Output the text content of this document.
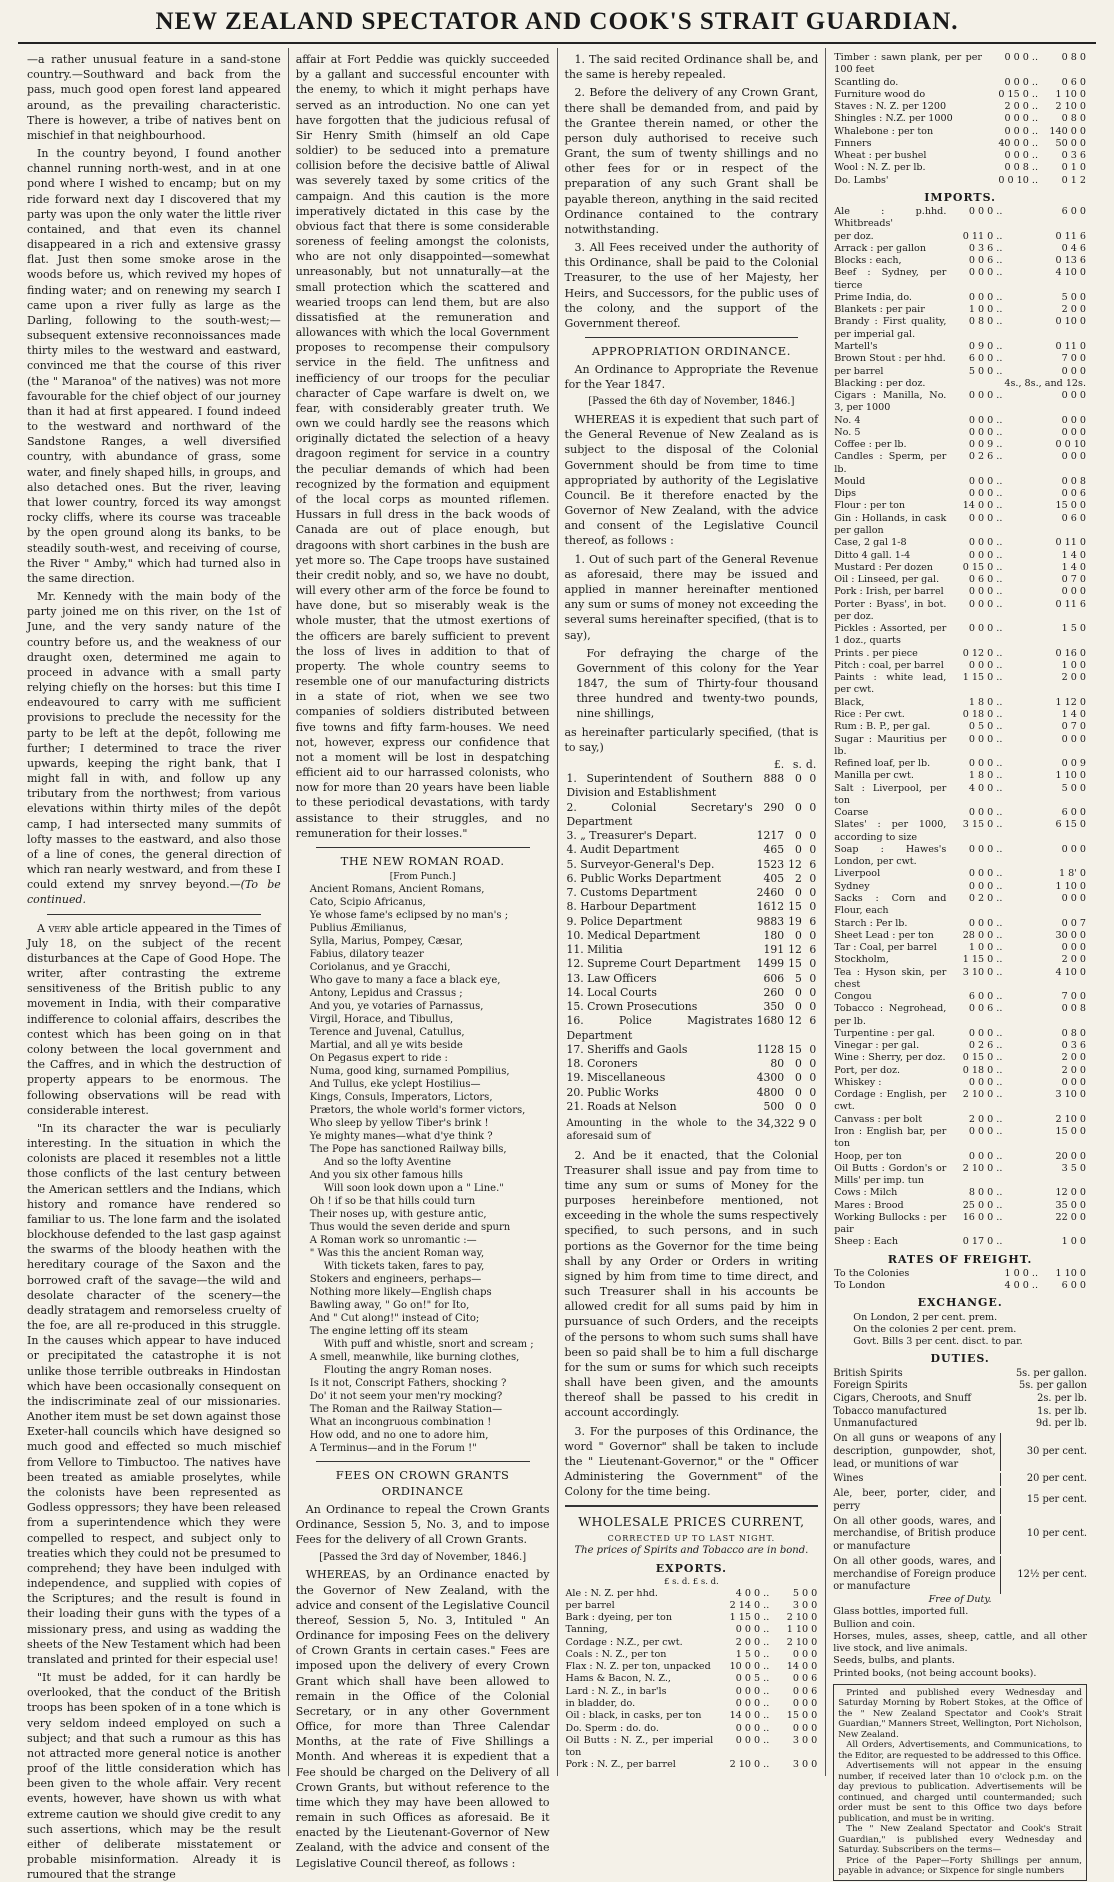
NEW ZEALAND SPECTATOR AND COOK'S STRAIT GUARDIAN.

—a rather unusual feature in a sand-stone country.—Southward and back from the pass, much good open forest land appeared around, as the prevailing characteristic. There is however, a tribe of natives bent on mischief in that neighbourhood.

In the country beyond, I found another channel running north-west, and in at one pond where I wished to encamp; but on my ride forward next day I discovered that my party was upon the only water the little river contained, and that even its channel disappeared in a rich and extensive grassy flat. Just then some smoke arose in the woods before us, which revived my hopes of finding water; and on renewing my search I came upon a river fully as large as the Darling, following to the south-west;—subsequent extensive reconnoissances made thirty miles to the westward and eastward, convinced me that the course of this river (the " Maranoa" of the natives) was not more favourable for the chief object of our journey than it had at first appeared. I found indeed to the westward and northward of the Sandstone Ranges, a well diversified country, with abundance of grass, some water, and finely shaped hills, in groups, and also detached ones. But the river, leaving that lower country, forced its way amongst rocky cliffs, where its course was traceable by the open ground along its banks, to be steadily south-west, and receiving of course, the River " Amby," which had turned also in the same direction.

Mr. Kennedy with the main body of the party joined me on this river, on the 1st of June, and the very sandy nature of the country before us, and the weakness of our draught oxen, determined me again to proceed in advance with a small party relying chiefly on the horses: but this time I endeavoured to carry with me sufficient provisions to preclude the necessity for the party to be left at the depôt, following me further; I determined to trace the river upwards, keeping the right bank, that I might fall in with, and follow up any tributary from the northwest; from various elevations within thirty miles of the depôt camp, I had intersected many summits of lofty masses to the eastward, and also those of a line of cones, the general direction of which ran nearly westward, and from these I could extend my snrvey beyond.—(To be continued.

A very able article appeared in the Times of July 18, on the subject of the recent disturbances at the Cape of Good Hope. The writer, after contrasting the extreme sensitiveness of the British public to any movement in India, with their comparative indifference to colonial affairs, describes the contest which has been going on in that colony between the local government and the Caffres, and in which the destruction of property appears to be enormous. The following observations will be read with considerable interest.

"In its character the war is peculiarly interesting. In the situation in which the colonists are placed it resembles not a little those conflicts of the last century between the American settlers and the Indians, which history and romance have rendered so familiar to us. The lone farm and the isolated blockhouse defended to the last gasp against the swarms of the bloody heathen with the hereditary courage of the Saxon and the borrowed craft of the savage—the wild and desolate character of the scenery—the deadly stratagem and remorseless cruelty of the foe, are all re-produced in this struggle. In the causes which appear to have induced or precipitated the catastrophe it is not unlike those terrible outbreaks in Hindostan which have been occasionally consequent on the indiscriminate zeal of our missionaries. Another item must be set down against those Exeter-hall councils which have designed so much good and effected so much mischief from Vellore to Timbuctoo. The natives have been treated as amiable proselytes, while the colonists have been represented as Godless oppressors; they have been released from a superintendence which they were compelled to respect, and subject only to treaties which they could not be presumed to comprehend; they have been indulged with independence, and supplied with copies of the Scriptures; and the result is found in their loading their guns with the types of a missionary press, and using as wadding the sheets of the New Testament which had been translated and printed for their especial use!

"It must be added, for it can hardly be overlooked, that the conduct of the British troops has been spoken of in a tone which is very seldom indeed employed on such a subject; and that such a rumour as this has not attracted more general notice is another proof of the little consideration which has been given to the whole affair. Very recent events, however, have shown us with what extreme caution we should give credit to any such assertions, which may be the result either of deliberate misstatement or probable misinformation. Already it is rumoured that the strange

affair at Fort Peddie was quickly succeeded by a gallant and successful encounter with the enemy, to which it might perhaps have served as an introduction. No one can yet have forgotten that the judicious refusal of Sir Henry Smith (himself an old Cape soldier) to be seduced into a premature collision before the decisive battle of Aliwal was severely taxed by some critics of the campaign. And this caution is the more imperatively dictated in this case by the obvious fact that there is some considerable soreness of feeling amongst the colonists, who are not only disappointed—somewhat unreasonably, but not unnaturally—at the small protection which the scattered and wearied troops can lend them, but are also dissatisfied at the remuneration and allowances with which the local Government proposes to recompense their compulsory service in the field. The unfitness and inefficiency of our troops for the peculiar character of Cape warfare is dwelt on, we fear, with considerably greater truth. We own we could hardly see the reasons which originally dictated the selection of a heavy dragoon regiment for service in a country the peculiar demands of which had been recognized by the formation and equipment of the local corps as mounted riflemen. Hussars in full dress in the back woods of Canada are out of place enough, but dragoons with short carbines in the bush are yet more so. The Cape troops have sustained their credit nobly, and so, we have no doubt, will every other arm of the force be found to have done, but so miserably weak is the whole muster, that the utmost exertions of the officers are barely sufficient to prevent the loss of lives in addition to that of property. The whole country seems to resemble one of our manufacturing districts in a state of riot, when we see two companies of soldiers distributed between five towns and fifty farm-houses. We need not, however, express our confidence that not a moment will be lost in despatching efficient aid to our harrassed colonists, who now for more than 20 years have been liable to these periodical devastations, with tardy assistance to their struggles, and no remuneration for their losses."

THE NEW ROMAN ROAD.
[From Punch.]
Ancient Romans, Ancient Romans,
Cato, Scipio Africanus,
Ye whose fame's eclipsed by no man's ;
Publius Æmilianus,
Sylla, Marius, Pompey, Cæsar,
Fabius, dilatory teazer
Coriolanus, and ye Gracchi,
Who gave to many a face a black eye,
Antony, Lepidus and Crassus ;
And you, ye votaries of Parnassus,
Virgil, Horace, and Tibullus,
Terence and Juvenal, Catullus,
Martial, and all ye wits beside
On Pegasus expert to ride :
Numa, good king, surnamed Pompilius,
And Tullus, eke yclept Hostilius—
Kings, Consuls, Imperators, Lictors,
Prætors, the whole world's former victors,
Who sleep by yellow Tiber's brink !
Ye mighty manes—what d'ye think ?
The Pope has sanctioned Railway bills,
And so the lofty Aventine
And you six other famous hills
Will soon look down upon a " Line."
Oh ! if so be that hills could turn
Their noses up, with gesture antic,
Thus would the seven deride and spurn
A Roman work so unromantic :—
" Was this the ancient Roman way,
With tickets taken, fares to pay,
Stokers and engineers, perhaps—
Nothing more likely—English chaps
Bawling away, " Go on!" for Ito,
And " Cut along!" instead of Cito;
The engine letting off its steam
With puff and whistle, snort and scream ;
A smell, meanwhile, like burning clothes,
Flouting the angry Roman noses.
Is it not, Conscript Fathers, shocking ?
Do' it not seem your men'ry mocking?
The Roman and the Railway Station—
What an incongruous combination !
How odd, and no one to adore him,
A Terminus—and in the Forum !"
FEES ON CROWN GRANTS ORDINANCE

An Ordinance to repeal the Crown Grants Ordinance, Session 5, No. 3, and to impose Fees for the delivery of all Crown Grants.

[Passed the 3rd day of November, 1846.]

WHEREAS, by an Ordinance enacted by the Governor of New Zealand, with the advice and consent of the Legislative Council thereof, Session 5, No. 3, Intituled " An Ordinance for imposing Fees on the delivery of Crown Grants in certain cases." Fees are imposed upon the delivery of every Crown Grant which shall have been allowed to remain in the Office of the Colonial Secretary, or in any other Government Office, for more than Three Calendar Months, at the rate of Five Shillings a Month. And whereas it is expedient that a Fee should be charged on the Delivery of all Crown Grants, but without reference to the time which they may have been allowed to remain in such Offices as aforesaid. Be it enacted by the Lieutenant-Governor of New Zealand, with the advice and consent of the Legislative Council thereof, as follows :

1. The said recited Ordinance shall be, and the same is hereby repealed.

2. Before the delivery of any Crown Grant, there shall be demanded from, and paid by the Grantee therein named, or other the person duly authorised to receive such Grant, the sum of twenty shillings and no other fees for or in respect of the preparation of any such Grant shall be payable thereon, anything in the said recited Ordinance contained to the contrary notwithstanding.

3. All Fees received under the authority of this Ordinance, shall be paid to the Colonial Treasurer, to the use of her Majesty, her Heirs, and Successors, for the public uses of the colony, and the support of the Government thereof.

APPROPRIATION ORDINANCE.

An Ordinance to Appropriate the Revenue for the Year 1847.

[Passed the 6th day of November, 1846.]

WHEREAS it is expedient that such part of the General Revenue of New Zealand as is subject to the disposal of the Colonial Government should be from time to time appropriated by authority of the Legislative Council. Be it therefore enacted by the Governor of New Zealand, with the advice and consent of the Legislative Council thereof, as follows :

1. Out of such part of the General Revenue as aforesaid, there may be issued and applied in manner hereinafter mentioned any sum or sums of money not exceeding the several sums hereinafter specified, (that is to say),

For defraying the charge of the Government of this colony for the Year 1847, the sum of Thirty-four thousand three hundred and twenty-two pounds, nine shillings,

as hereinafter particularly specified, (that is to say,)

	£.	s.	d.
1. Superintendent of Southern Division and Establishment	888	0	0
2. Colonial Secretary's Department	290	0	0
3. „ Treasurer's Depart.	1217	0	0
4. Audit Department	465	0	0
5. Surveyor-General's Dep.	1523	12	6
6. Public Works Department	405	2	0
7. Customs Department	2460	0	0
8. Harbour Department	1612	15	0
9. Police Department	9883	19	6
10. Medical Department	180	0	0
11. Militia	191	12	6
12. Supreme Court Department	1499	15	0
13. Law Officers	606	5	0
14. Local Courts	260	0	0
15. Crown Prosecutions	350	0	0
16. Police Magistrates Department	1680	12	6
17. Sheriffs and Gaols	1128	15	0
18. Coroners	80	0	0
19. Miscellaneous	4300	0	0
20. Public Works	4800	0	0
21. Roads at Nelson	500	0	0
Amounting in the whole to the aforesaid sum of	34,322	9	0

2. And be it enacted, that the Colonial Treasurer shall issue and pay from time to time any sum or sums of Money for the purposes hereinbefore mentioned, not exceeding in the whole the sums respectively specified, to such persons, and in such portions as the Governor for the time being shall by any Order or Orders in writing signed by him from time to time direct, and such Treasurer shall in his accounts be allowed credit for all sums paid by him in pursuance of such Orders, and the receipts of the persons to whom such sums shall have been so paid shall be to him a full discharge for the sum or sums for which such receipts shall have been given, and the amounts thereof shall be passed to his credit in account accordingly.

3. For the purposes of this Ordinance, the word " Governor" shall be taken to include the " Lieutenant-Governor," or the " Officer Administering the Government" of the Colony for the time being.

WHOLESALE PRICES CURRENT,
CORRECTED UP TO LAST NIGHT.
The prices of Spirits and Tobacco are in bond.
EXPORTS.
£ s. d. £ s. d.
Ale : N. Z. per hhd.	4 0 0 ..	5 0 0
per barrel	2 14 0 ..	3 0 0
Bark : dyeing, per ton	1 15 0 ..	2 10 0
Tanning,	0 0 0 ..	1 10 0
Cordage : N.Z., per cwt.	2 0 0 ..	2 10 0
Coals : N. Z., per ton	1 5 0 ..	0 0 0
Flax : N. Z. per ton, unpacked	10 0 0 ..	14 0 0
Hams & Bacon, N. Z.,	0 0 5 ..	0 0 6
Lard : N. Z., in bar'ls	0 0 0 ..	0 0 6
in bladder, do.	0 0 0 ..	0 0 0
Oil : black, in casks, per ton	14 0 0 ..	15 0 0
Do. Sperm : do. do.	0 0 0 ..	0 0 0
Oil Butts : N. Z., per imperial ton	0 0 0 ..	3 0 0
Pork : N. Z., per barrel	2 10 0 ..	3 0 0
Timber : sawn plank, per per 100 feet	0 0 0 ..	0 8 0
Scantling do.	0 0 0 ..	0 6 0
Furniture wood do	0 15 0 ..	1 10 0
Staves : N. Z. per 1200	2 0 0 ..	2 10 0
Shingles : N.Z. per 1000	0 0 0 ..	0 8 0
Whalebone : per ton	0 0 0 ..	140 0 0
Fınners	40 0 0 ..	50 0 0
Wheat : per bushel	0 0 0 ..	0 3 6
Wool : N. Z. per lb.	0 0 8 ..	0 1 0
Do. Lambs'	0 0 10 ..	0 1 2
IMPORTS.
Ale : p.hhd. Whitbreads'	0 0 0 ..	6 0 0
per doz.	0 11 0 ..	0 11 6
Arrack : per gallon	0 3 6 ..	0 4 6
Blocks : each,	0 0 6 ..	0 13 6
Beef : Sydney, per tierce	0 0 0 ..	4 10 0
Prime India, do.	0 0 0 ..	5 0 0
Blankets : per pair	1 0 0 ..	2 0 0
Brandy : First quality, per imperial gal.	0 8 0 ..	0 10 0
Martell's	0 9 0 ..	0 11 0
Brown Stout : per hhd.	6 0 0 ..	7 0 0
per barrel	5 0 0 ..	0 0 0
Blacking : per doz.		4s., 8s., and 12s.
Cigars : Manilla, No. 3, per 1000	0 0 0 ..	0 0 0
No. 4	0 0 0 ..	0 0 0
No. 5	0 0 0 ..	0 0 0
Coffee : per lb.	0 0 9 ..	0 0 10
Candles : Sperm, per lb.	0 2 6 ..	0 0 0
Mould	0 0 0 ..	0 0 8
Dips	0 0 0 ..	0 0 6
Flour : per ton	14 0 0 ..	15 0 0
Gin : Hollands, in cask per gallon	0 0 0 ..	0 6 0
Case, 2 gal 1-8	0 0 0 ..	0 11 0
Ditto 4 gall. 1-4	0 0 0 ..	1 4 0
Mustard : Per dozen	0 15 0 ..	1 4 0
Oil : Linseed, per gal.	0 6 0 ..	0 7 0
Pork : Irish, per barrel	0 0 0 ..	0 0 0
Porter : Byass', in bot. per doz.	0 0 0 ..	0 11 6
Pickles : Assorted, per 1 doz., quarts	0 0 0 ..	1 5 0
Prints . per piece	0 12 0 ..	0 16 0
Pitch : coal, per barrel	0 0 0 ..	1 0 0
Paints : white lead, per cwt.	1 15 0 ..	2 0 0
Black,	1 8 0 ..	1 12 0
Rice : Per cwt.	0 18 0 ..	1 4 0
Rum : B. P., per gal.	0 5 0 ..	0 7 0
Sugar : Mauritius per lb.	0 0 0 ..	0 0 0
Refined loaf, per lb.	0 0 0 ..	0 0 9
Manilla per cwt.	1 8 0 ..	1 10 0
Salt : Liverpool, per ton	4 0 0 ..	5 0 0
Coarse	0 0 0 ..	6 0 0
Slates' : per 1000, according to size	3 15 0 ..	6 15 0
Soap : Hawes's London, per cwt.	0 0 0 ..	0 0 0
Liverpool	0 0 0 ..	1 8' 0
Sydney	0 0 0 ..	1 10 0
Sacks : Corn and Flour, each	0 2 0 ..	0 0 0
Starch : Per lb.	0 0 0 ..	0 0 7
Sheet Lead : per ton	28 0 0 ..	30 0 0
Tar : Coal, per barrel	1 0 0 ..	0 0 0
Stockholm,	1 15 0 ..	2 0 0
Tea : Hyson skin, per chest	3 10 0 ..	4 10 0
Congou	6 0 0 ..	7 0 0
Tobacco : Negrohead, per lb.	0 0 6 ..	0 0 8
Turpentine : per gal.	0 0 0 ..	0 8 0
Vinegar : per gal.	0 2 6 ..	0 3 6
Wine : Sherry, per doz.	0 15 0 ..	2 0 0
Port, per doz.	0 18 0 ..	2 0 0
Whiskey :	0 0 0 ..	0 0 0
Cordage : English, per cwt.	2 10 0 ..	3 10 0
Canvass : per bolt	2 0 0 ..	2 10 0
Iron : English bar, per ton	0 0 0 ..	15 0 0
Hoop, per ton	0 0 0 ..	20 0 0
Oil Butts : Gordon's or Mills' per imp. tun	2 10 0 ..	3 5 0
Cows : Milch	8 0 0 ..	12 0 0
Mares : Brood	25 0 0 ..	35 0 0
Working Bullocks : per pair	16 0 0 ..	22 0 0
Sheep : Each	0 17 0 ..	1 0 0
RATES OF FREIGHT.
To the Colonies	1 0 0 ..	1 10 0
To London	4 0 0 ..	6 0 0
EXCHANGE.
On London, 2 per cent. prem.
On the colonies 2 per cent. prem.
Govt. Bills 3 per cent. disct. to par.
DUTIES.
British Spirits	5s. per gallon.
Foreign Spirits	5s. per gallon
Cigars, Cheroots, and Snuff	2s. per lb.
Tobacco manufactured	1s. per lb.
Unmanufactured	9d. per lb.
On all guns or weapons of any description, gunpowder, shot, lead, or munitions of war
30 per cent.
Wines	20 per cent.
Ale, beer, porter, cider, and perry
15 per cent.
On all other goods, wares, and merchandise, of British produce or manufacture
10 per cent.
On all other goods, wares, and merchandise of Foreign produce or manufacture
12½ per cent.
Free of Duty.
Glass bottles, imported full.
Bullion and coin.
Horses, mules, asses, sheep, cattle, and all other live stock, and live animals.
Seeds, bulbs, and plants.
Printed books, (not being account books).

Printed and published every Wednesday and Saturday Morning by Robert Stokes, at the Office of the " New Zealand Spectator and Cook's Strait Guardian," Manners Street, Wellington, Port Nicholson, New Zealand.

All Orders, Advertisements, and Communications, to the Editor, are requested to be addressed to this Office.

Advertisements will not appear in the ensuing number, if received later than 10 o'clock p.m. on the day previous to publication. Advertisements will be continued, and charged until countermanded; such order must be sent to this Office two days before publication, and must be in writing.

The " New Zealand Spectator and Cook's Strait Guardian," is published every Wednesday and Saturday. Subscribers on the terms—

Price of the Paper—Forty Shillings per annum, payable in advance; or Sixpence for single numbers
